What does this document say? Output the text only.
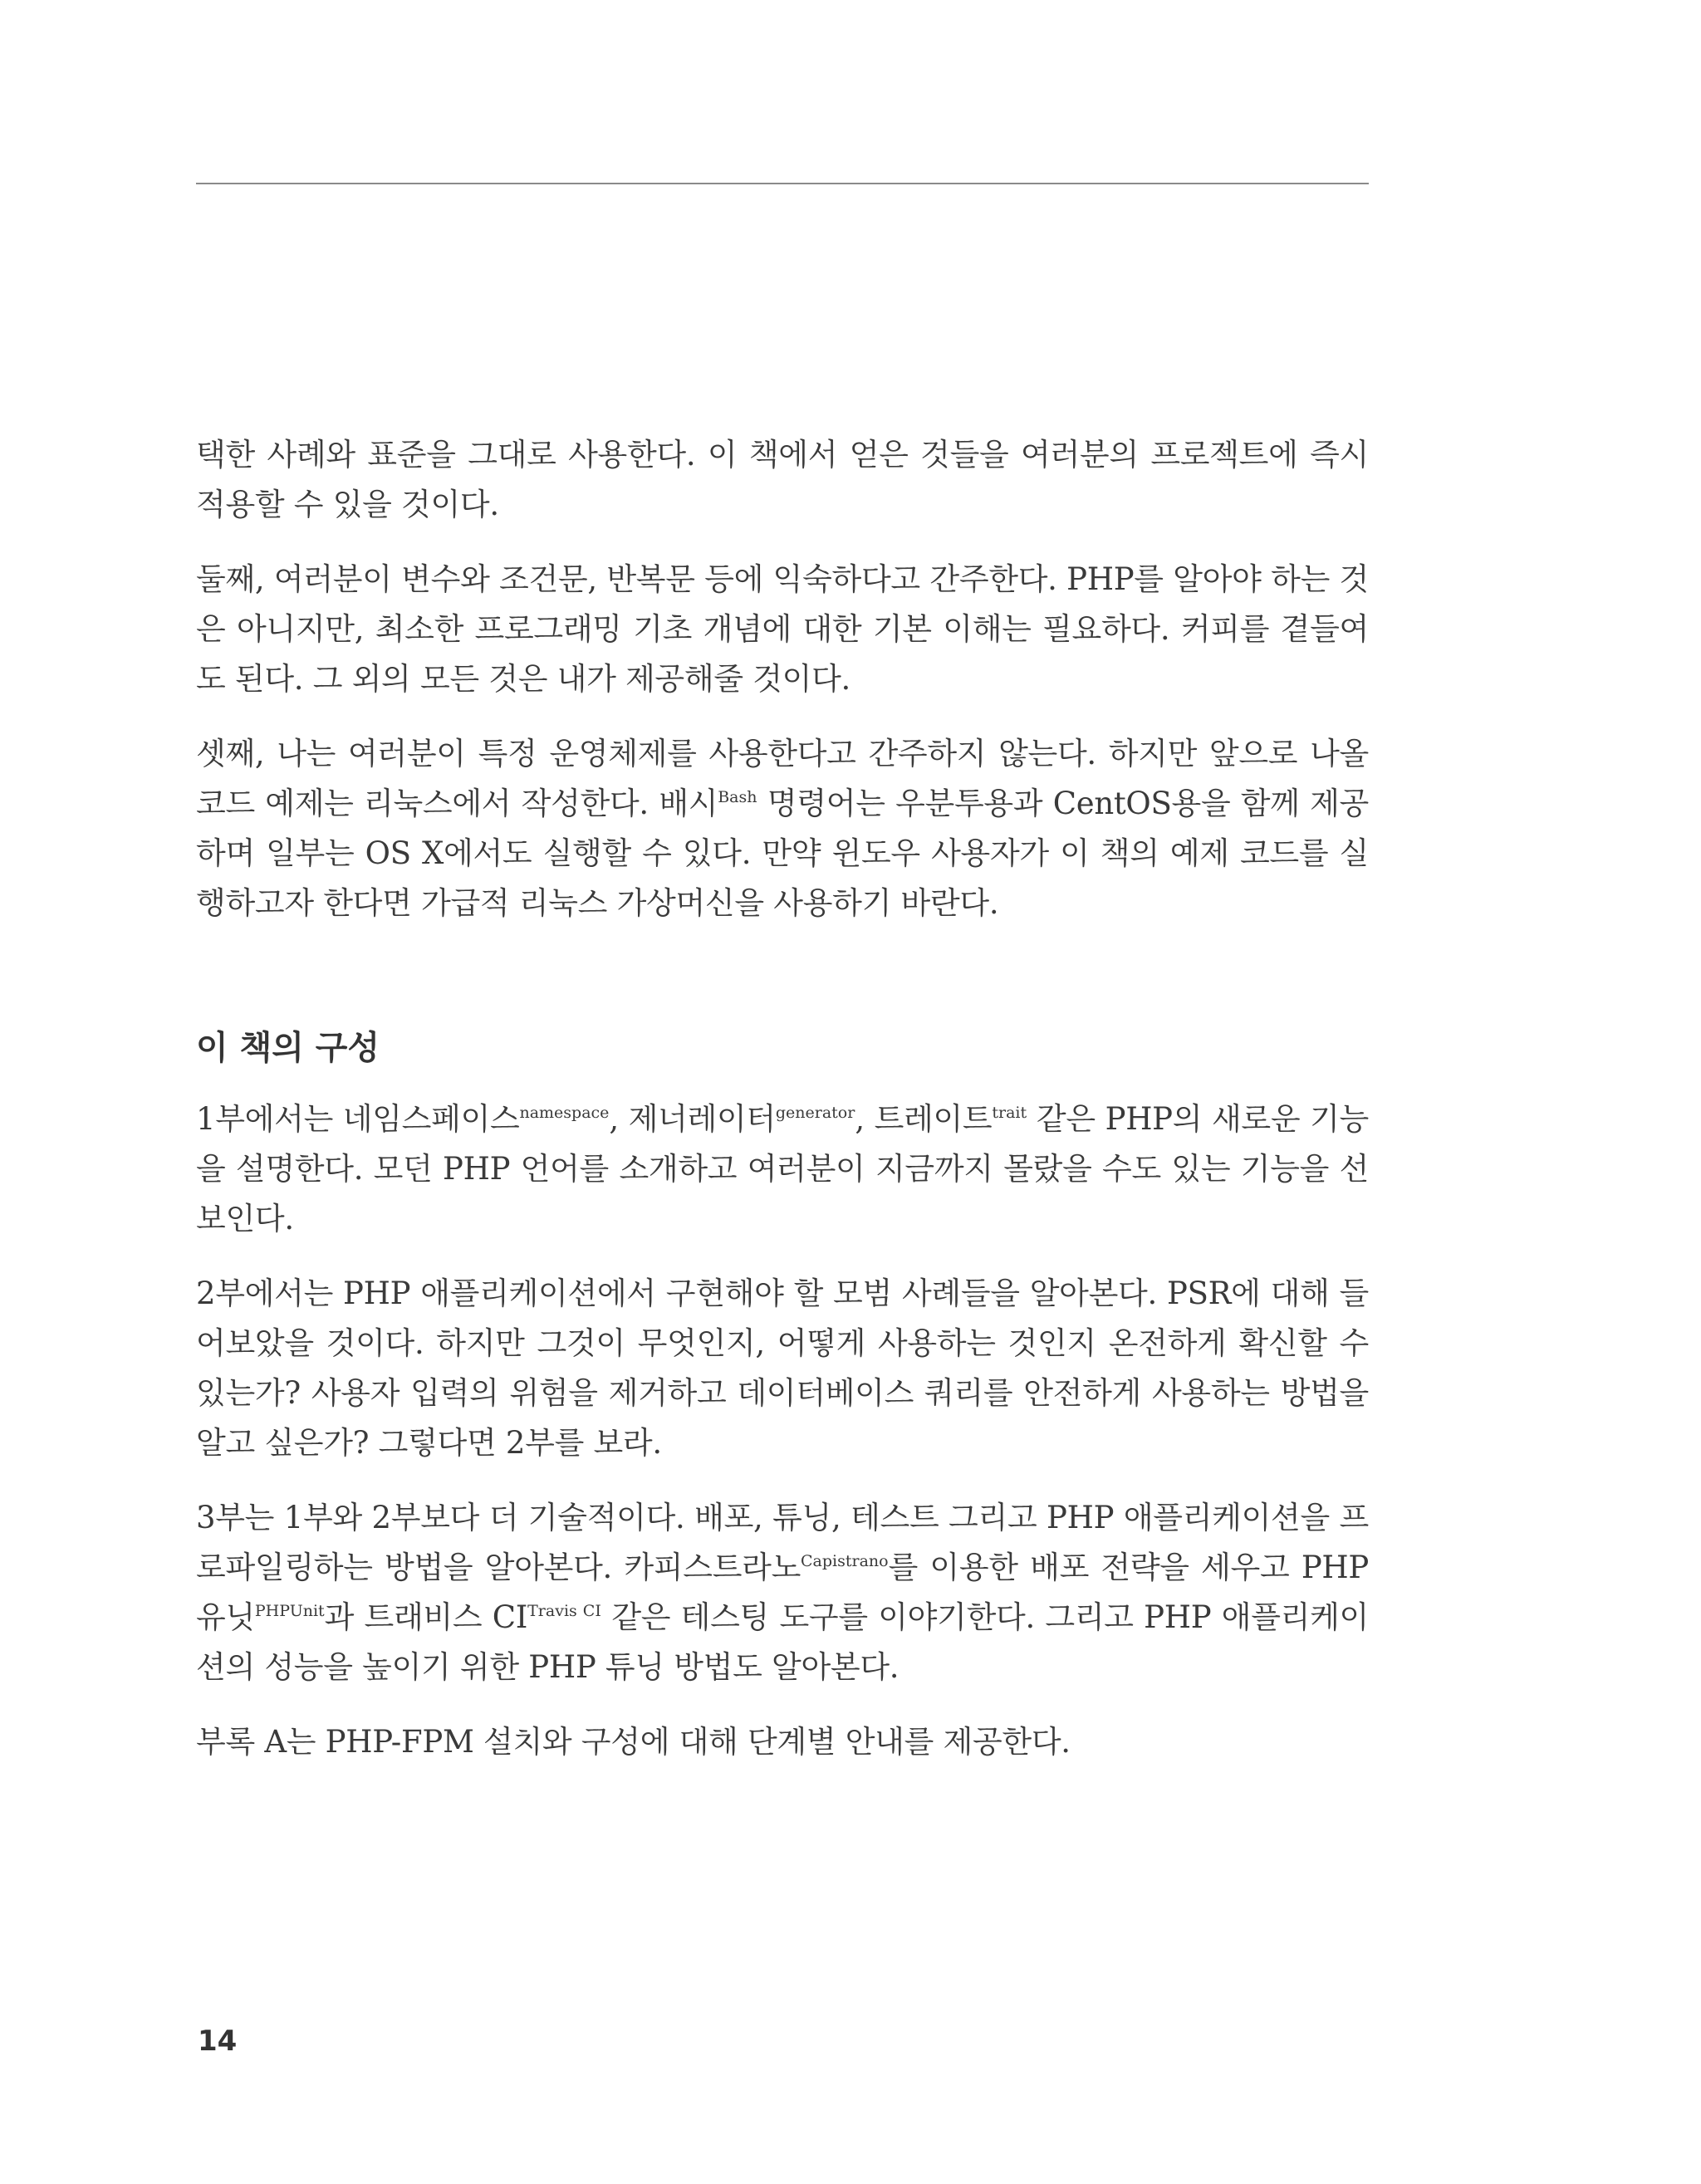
택한 사례와 표준을 그대로 사용한다. 이 책에서 얻은 것들을 여러분의 프로젝트에 즉시 적용할 수 있을 것이다.

둘째, 여러분이 변수와 조건문, 반복문 등에 익숙하다고 간주한다. PHP를 알아야 하는 것은 아니지만, 최소한 프로그래밍 기초 개념에 대한 기본 이해는 필요하다. 커피를 곁들여도 된다. 그 외의 모든 것은 내가 제공해줄 것이다.

셋째, 나는 여러분이 특정 운영체제를 사용한다고 간주하지 않는다. 하지만 앞으로 나올 코드 예제는 리눅스에서 작성한다. 배시$^{Bash}$ 명령어는 우분투용과 CentOS용을 함께 제공하며 일부는 OS X에서도 실행할 수 있다. 만약 윈도우 사용자가 이 책의 예제 코드를 실행하고자 한다면 가급적 리눅스 가상머신을 사용하기 바란다.

이 책의 구성

1부에서는 네임스페이스$^{namespace}$, 제너레이터$^{generator}$, 트레이트$^{trait}$ 같은 PHP의 새로운 기능을 설명한다. 모던 PHP 언어를 소개하고 여러분이 지금까지 몰랐을 수도 있는 기능을 선보인다.

2부에서는 PHP 애플리케이션에서 구현해야 할 모범 사례들을 알아본다. PSR에 대해 들어보았을 것이다. 하지만 그것이 무엇인지, 어떻게 사용하는 것인지 온전하게 확신할 수 있는가? 사용자 입력의 위험을 제거하고 데이터베이스 쿼리를 안전하게 사용하는 방법을 알고 싶은가? 그렇다면 2부를 보라.

3부는 1부와 2부보다 더 기술적이다. 배포, 튜닝, 테스트 그리고 PHP 애플리케이션을 프로파일링하는 방법을 알아본다. 카피스트라노$^{Capistrano}$를 이용한 배포 전략을 세우고 PHP유닛$^{PHPUnit}$과 트래비스 $CI^{Travis CI}$ 같은 테스팅 도구를 이야기한다. 그리고 PHP 애플리케이션의 성능을 높이기 위한 PHP 튜닝 방법도 알아본다.

부록 A는 PHP-FPM 설치와 구성에 대해 단계별 안내를 제공한다.

14
